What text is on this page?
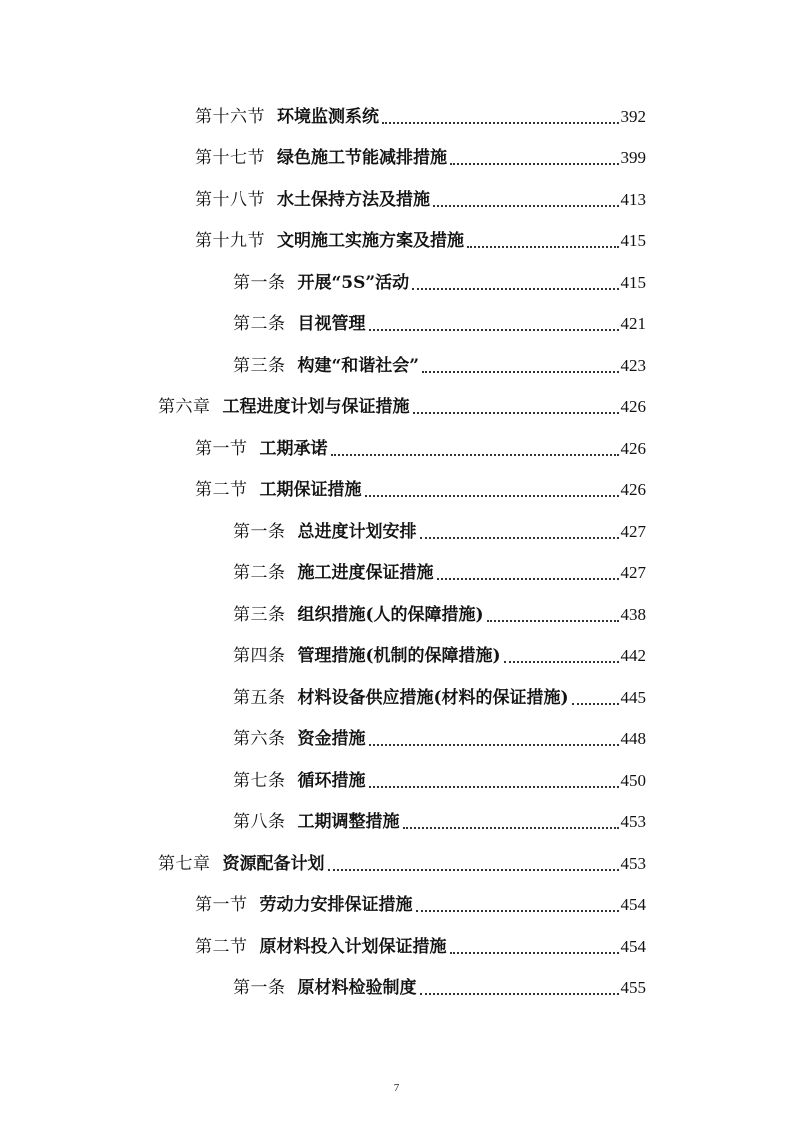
第十六节 环境监测系统	392
第十七节 绿色施工节能减排措施	399
第十八节 水土保持方法及措施	413
第十九节 文明施工实施方案及措施	415
第一条 开展“5S”活动	415
第二条 目视管理	421
第三条 构建“和谐社会”	423
第六章 工程进度计划与保证措施	426
第一节 工期承诺	426
第二节 工期保证措施	426
第一条 总进度计划安排	427
第二条 施工进度保证措施	427
第三条 组织措施(人的保障措施)	438
第四条 管理措施(机制的保障措施)	442
第五条 材料设备供应措施(材料的保证措施)	445
第六条 资金措施	448
第七条 循环措施	450
第八条 工期调整措施	453
第七章 资源配备计划	453
第一节 劳动力安排保证措施	454
第二节 原材料投入计划保证措施	454
第一条 原材料检验制度	455
7
